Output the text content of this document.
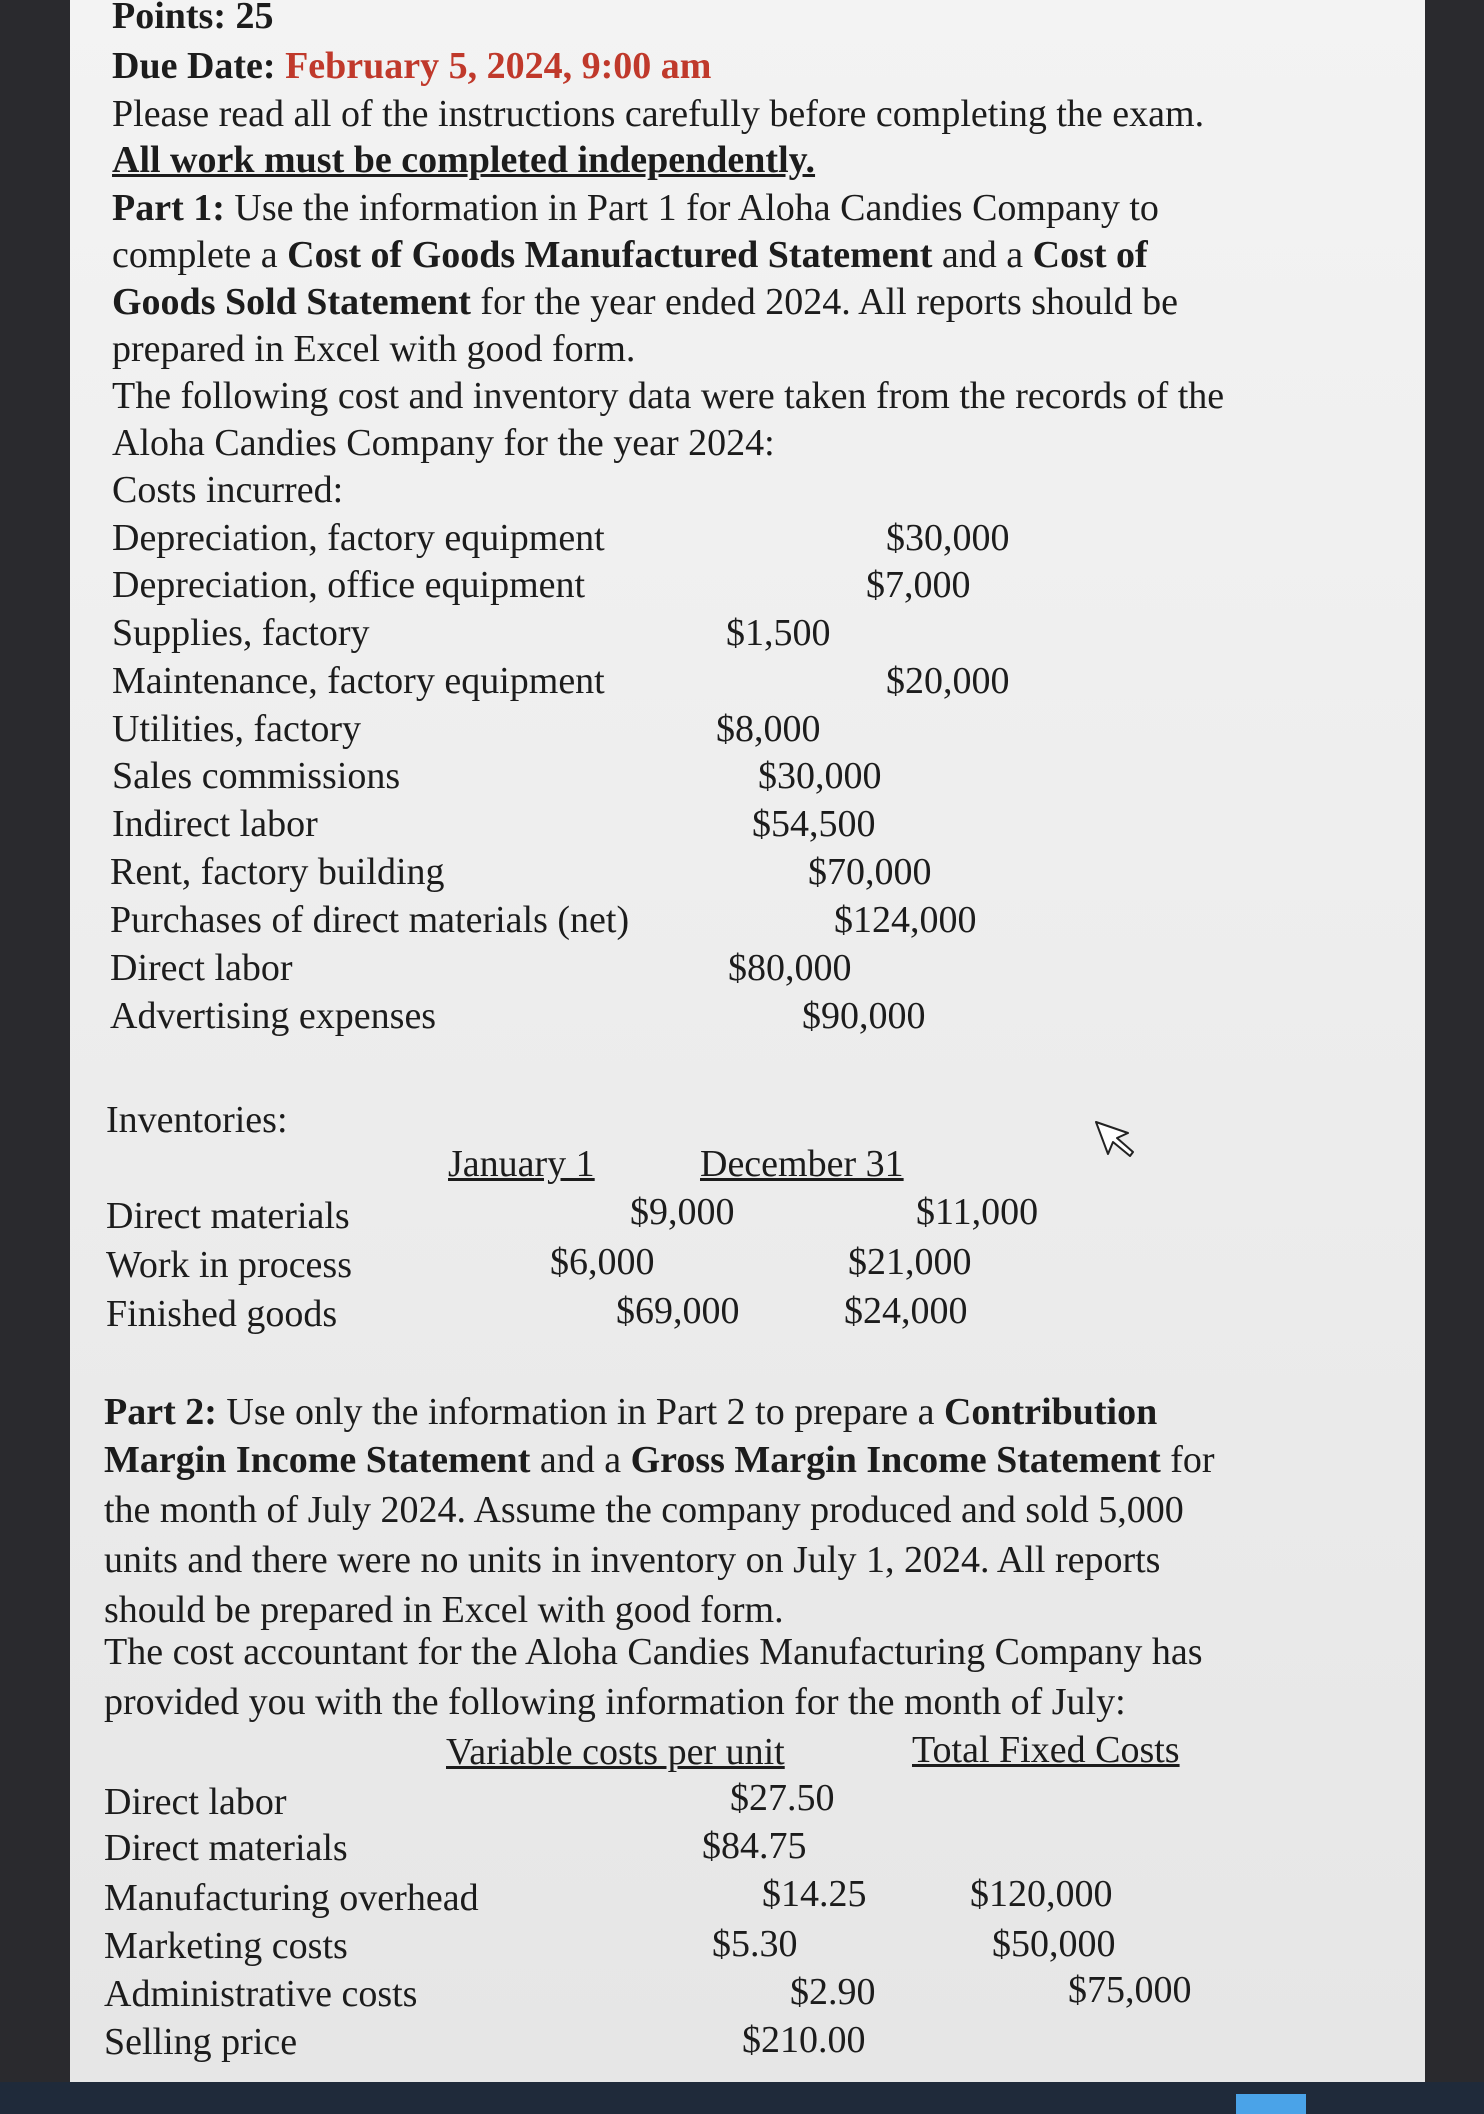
Points: 25
Due Date: February 5, 2024, 9:00 am
Please read all of the instructions carefully before completing the exam.
All work must be completed independently.
Part 1: Use the information in Part 1 for Aloha Candies Company to
complete a Cost of Goods Manufactured Statement and a Cost of
Goods Sold Statement for the year ended 2024. All reports should be
prepared in Excel with good form.
The following cost and inventory data were taken from the records of the
Aloha Candies Company for the year 2024:
Costs incurred:
Depreciation, factory equipment	$30,000
Depreciation, office equipment	$7,000
Supplies, factory	$1,500
Maintenance, factory equipment	$20,000
Utilities, factory	$8,000
Sales commissions	$30,000
Indirect labor	$54,500
Rent, factory building	$70,000
Purchases of direct materials (net)	$124,000
Direct labor	$80,000
Advertising expenses	$90,000
Inventories:
January 1	December 31
Direct materials	$9,000	$11,000
Work in process	$6,000	$21,000
Finished goods	$69,000	$24,000
Part 2: Use only the information in Part 2 to prepare a Contribution
Margin Income Statement and a Gross Margin Income Statement for
the month of July 2024. Assume the company produced and sold 5,000
units and there were no units in inventory on July 1, 2024. All reports
should be prepared in Excel with good form.
The cost accountant for the Aloha Candies Manufacturing Company has
provided you with the following information for the month of July:
Variable costs per unit	Total Fixed Costs
Direct labor	$27.50
Direct materials	$84.75
Manufacturing overhead	$14.25	$120,000
Marketing costs	$5.30	$50,000
Administrative costs	$2.90	$75,000
Selling price	$210.00
